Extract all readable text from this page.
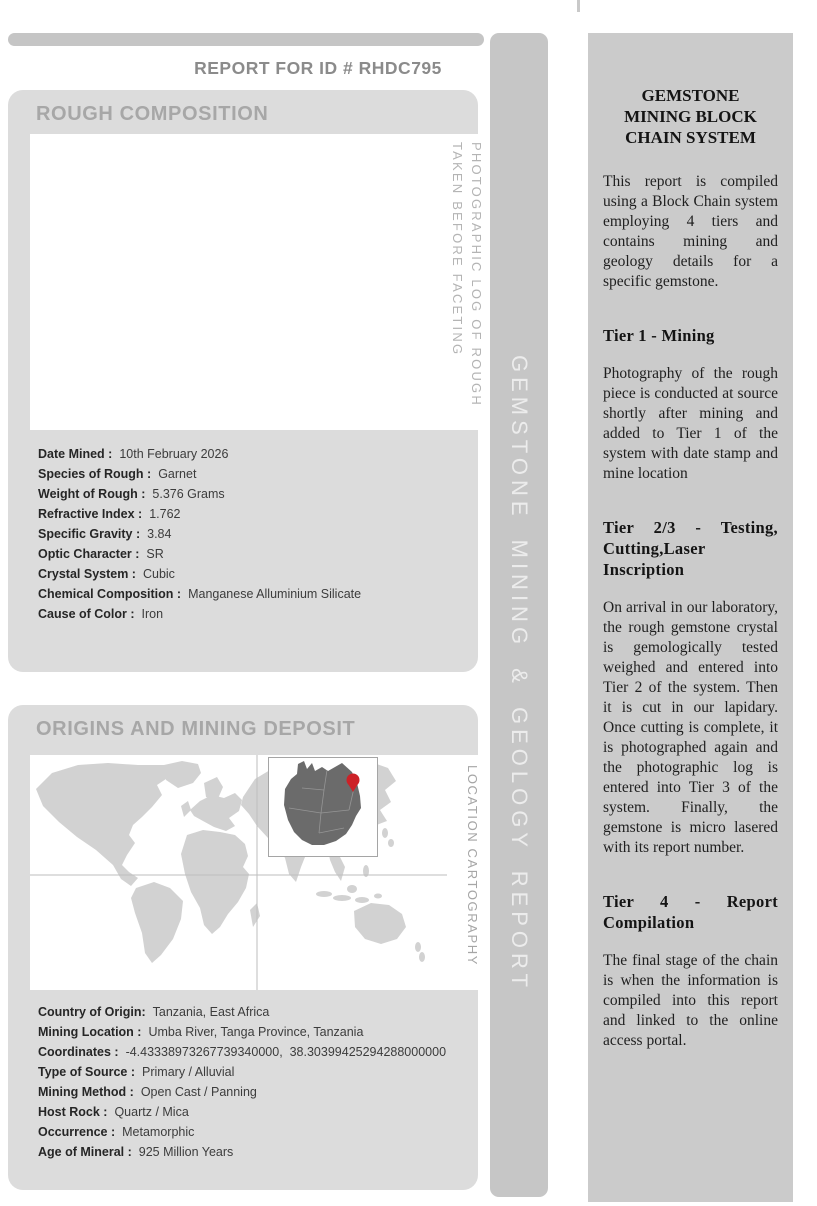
REPORT FOR ID # RHDC795
ROUGH COMPOSITION
PHOTOGRAPHIC LOG OF ROUGH
TAKEN BEFORE FACETING
Date Mined : 10th February 2026
Species of Rough : Garnet
Weight of Rough : 5.376 Grams
Refractive Index : 1.762
Specific Gravity : 3.84
Optic Character : SR
Crystal System : Cubic
Chemical Composition : Manganese Alluminium Silicate
Cause of Color : Iron
ORIGINS AND MINING DEPOSIT
LOCATION CARTOGRAPHY
Country of Origin: Tanzania, East Africa
Mining Location : Umba River, Tanga Province, Tanzania
Coordinates : -4.43338973267739340000,  38.30399425294288000000
Type of Source : Primary / Alluvial
Mining Method : Open Cast / Panning
Host Rock : Quartz / Mica
Occurrence : Metamorphic
Age of Mineral : 925 Million Years
GEMSTONE MINING & GEOLOGY REPORT
GEMSTONE MINING BLOCK CHAIN SYSTEM

This report is compiled using a Block Chain system employing 4 tiers and contains mining and geology details for a specific gemstone.

Tier 1 - Mining

Photography of the rough piece is conducted at source shortly after mining and added to Tier 1 of the system with date stamp and mine location

Tier 2/3 - Testing, Cutting,Laser Inscription

On arrival in our laboratory, the rough gemstone crystal is gemologically tested weighed and entered into Tier 2 of the system. Then it is cut in our lapidary. Once cutting is complete, it is photographed again and the photographic log is entered into Tier 3 of the system. Finally, the gemstone is micro lasered with its report number.

Tier 4 - Report Compilation

The final stage of the chain is when the information is compiled into this report and linked to the online access portal.
